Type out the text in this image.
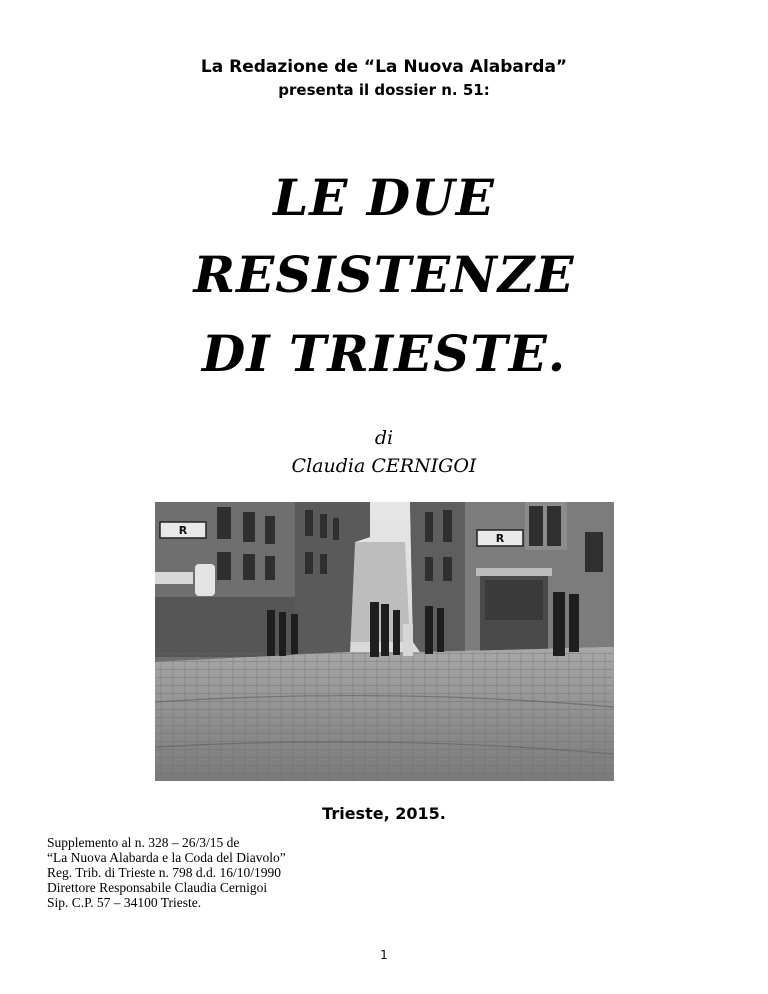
La Redazione de “La Nuova Alabarda”
presenta il dossier n. 51:
LE DUE
RESISTENZE
DI TRIESTE.
di
Claudia CERNIGOI
R
R
Trieste, 2015.
Supplemento al n. 328 – 26/3/15 de
“La Nuova Alabarda e la Coda del Diavolo”
Reg. Trib. di Trieste n. 798 d.d. 16/10/1990
Direttore Responsabile Claudia Cernigoi
Sip. C.P. 57 – 34100 Trieste.
1
